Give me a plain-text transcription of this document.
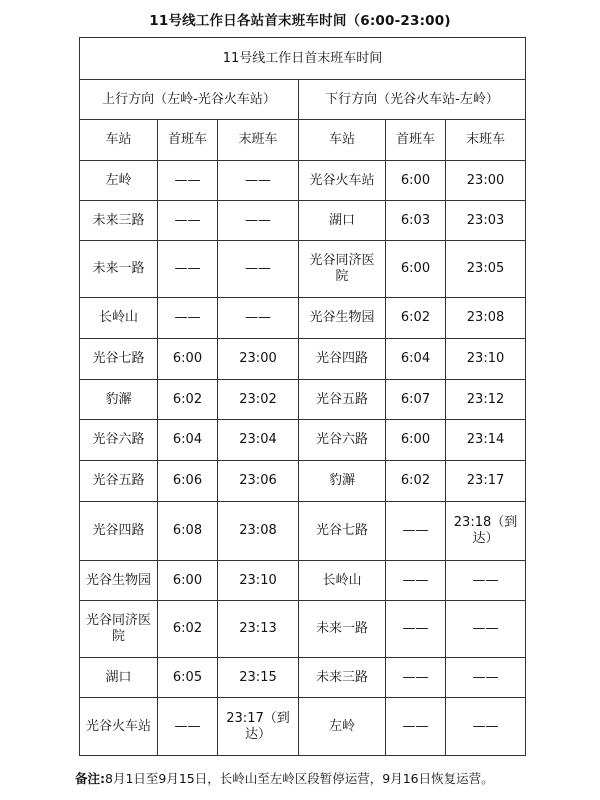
11号线工作日各站首末班车时间（6:00-23:00)
11号线工作日首末班车时间					
上行方向（左岭-光谷火车站）			下行方向（光谷火车站-左岭）		
车站	首班车	末班车	车站	首班车	末班车
左岭	——	——	光谷火车站	6:00	23:00
未来三路	——	——	湖口	6:03	23:03
未来一路	——	——	光谷同济医院	6:00	23:05
长岭山	——	——	光谷生物园	6:02	23:08
光谷七路	6:00	23:00	光谷四路	6:04	23:10
豹澥	6:02	23:02	光谷五路	6:07	23:12
光谷六路	6:04	23:04	光谷六路	6:00	23:14
光谷五路	6:06	23:06	豹澥	6:02	23:17
光谷四路	6:08	23:08	光谷七路	——	23:18（到达）
光谷生物园	6:00	23:10	长岭山	——	——
光谷同济医院	6:02	23:13	未来一路	——	——
湖口	6:05	23:15	未来三路	——	——
光谷火车站	——	23:17（到达）	左岭	——	——
备注:8月1日至9月15日，长岭山至左岭区段暂停运营，9月16日恢复运营。
